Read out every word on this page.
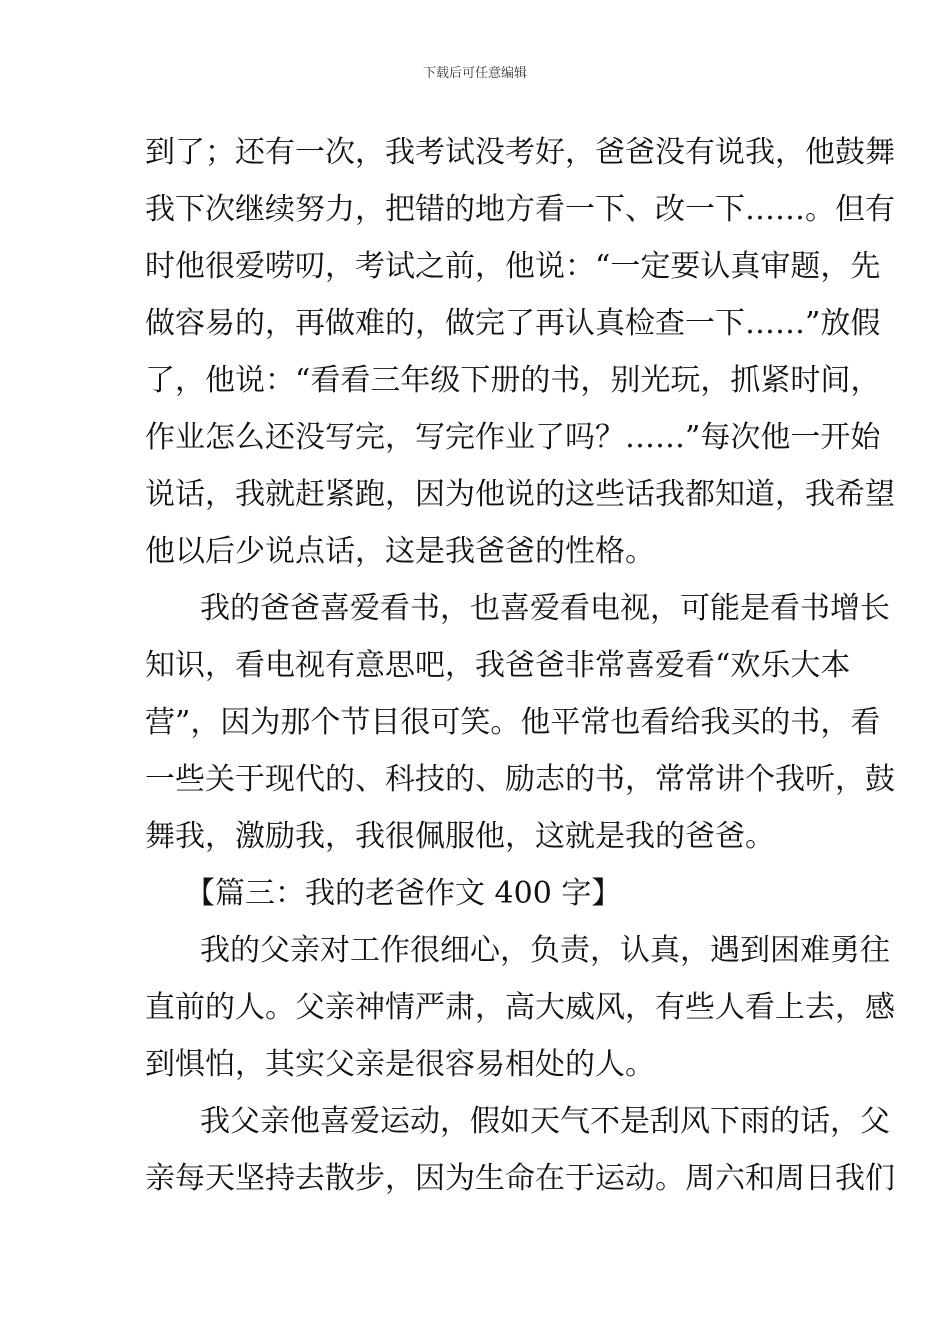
下载后可任意编辑
到了；还有一次，我考试没考好，爸爸没有说我，他鼓舞
我下次继续努力，把错的地方看一下、改一下……。但有
时他很爱唠叨，考试之前，他说：“一定要认真审题，先
做容易的，再做难的，做完了再认真检查一下……”放假
了，他说：“看看三年级下册的书，别光玩，抓紧时间，
作业怎么还没写完，写完作业了吗？……”每次他一开始
说话，我就赶紧跑，因为他说的这些话我都知道，我希望
他以后少说点话，这是我爸爸的性格。
我的爸爸喜爱看书，也喜爱看电视，可能是看书增长
知识，看电视有意思吧，我爸爸非常喜爱看“欢乐大本
营”，因为那个节目很可笑。他平常也看给我买的书，看
一些关于现代的、科技的、励志的书，常常讲个我听，鼓
舞我，激励我，我很佩服他，这就是我的爸爸。
【篇三：我的老爸作文 400 字】
我的父亲对工作很细心，负责，认真，遇到困难勇往
直前的人。父亲神情严肃，高大威风，有些人看上去，感
到惧怕，其实父亲是很容易相处的人。
我父亲他喜爱运动，假如天气不是刮风下雨的话，父
亲每天坚持去散步，因为生命在于运动。周六和周日我们
